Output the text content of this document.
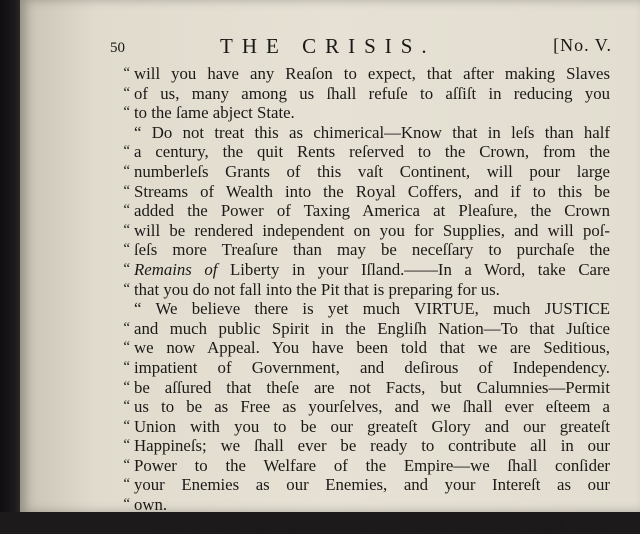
50	THE CRISIS.	[No. V.
“ will you have any Reaſon to expect, that after making Slaves
“ of us, many among us ſhall refuſe to aſſiſt in reducing you
“ to the ſame abject State.
“ Do not treat this as chimerical—Know that in leſs than half
“ a century, the quit Rents reſerved to the Crown, from the
“ numberleſs Grants of this vaſt Continent, will pour large
“ Streams of Wealth into the Royal Coffers, and if to this be
“ added the Power of Taxing America at Pleaſure, the Crown
“ will be rendered independent on you for Supplies, and will poſ-
“ ſeſs more Treaſure than may be neceſſary to purchaſe the
“ Remains of Liberty in your Iſland.——In a Word, take Care
“ that you do not fall into the Pit that is preparing for us.
“ We believe there is yet much VIRTUE, much JUSTICE
“ and much public Spirit in the Engliſh Nation—To that Juſtice
“ we now Appeal. You have been told that we are Seditious,
“ impatient of Government, and deſirous of Independency.
“ be aſſured that theſe are not Facts, but Calumnies—Permit
“ us to be as Free as yourſelves, and we ſhall ever eſteem a
“ Union with you to be our greateſt Glory and our greateſt
“ Happineſs; we ſhall ever be ready to contribute all in our
“ Power to the Welfare of the Empire—we ſhall conſider
“ your Enemies as our Enemies, and your Intereſt as our
“ own.
“ But if you are determined that your Miniſters ſhall wan-
